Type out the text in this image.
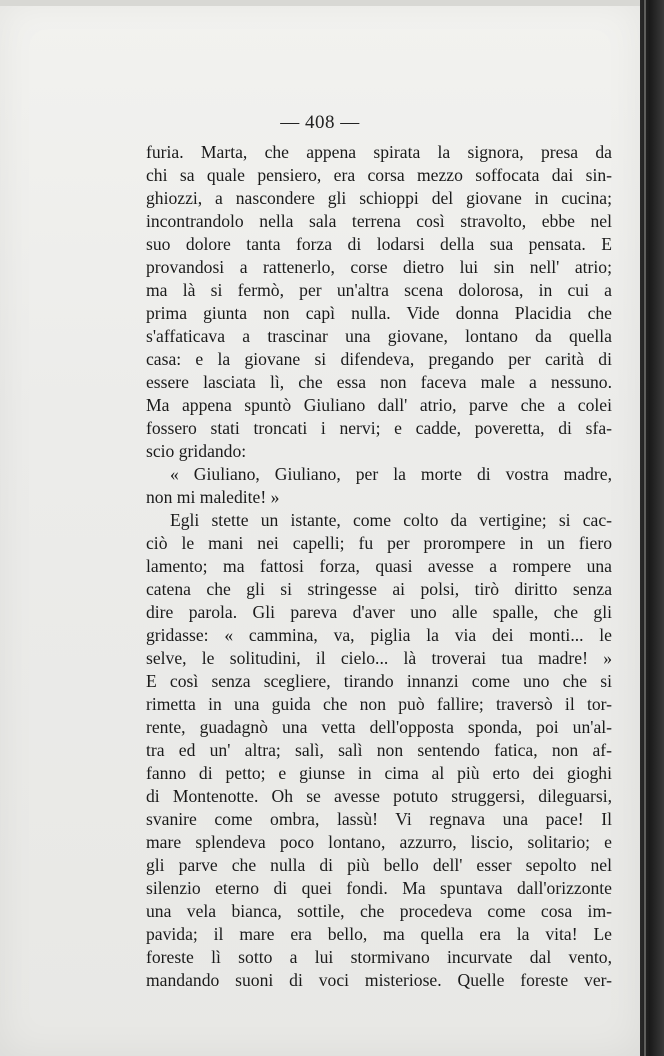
— 408 —
furia. Marta, che appena spirata la signora, presa da
chi sa quale pensiero, era corsa mezzo soffocata dai sin-
ghiozzi, a nascondere gli schioppi del giovane in cucina;
incontrandolo nella sala terrena così stravolto, ebbe nel
suo dolore tanta forza di lodarsi della sua pensata. E
provandosi a rattenerlo, corse dietro lui sin nell' atrio;
ma là si fermò, per un'altra scena dolorosa, in cui a
prima giunta non capì nulla. Vide donna Placidia che
s'affaticava a trascinar una giovane, lontano da quella
casa: e la giovane si difendeva, pregando per carità di
essere lasciata lì, che essa non faceva male a nessuno.
Ma appena spuntò Giuliano dall' atrio, parve che a colei
fossero stati troncati i nervi; e cadde, poveretta, di sfa-
scio gridando:
« Giuliano, Giuliano, per la morte di vostra madre,
non mi maledite! »
Egli stette un istante, come colto da vertigine; si cac-
ciò le mani nei capelli; fu per prorompere in un fiero
lamento; ma fattosi forza, quasi avesse a rompere una
catena che gli si stringesse ai polsi, tirò diritto senza
dire parola. Gli pareva d'aver uno alle spalle, che gli
gridasse: « cammina, va, piglia la via dei monti... le
selve, le solitudini, il cielo... là troverai tua madre! »
E così senza scegliere, tirando innanzi come uno che si
rimetta in una guida che non può fallire; traversò il tor-
rente, guadagnò una vetta dell'opposta sponda, poi un'al-
tra ed un' altra; salì, salì non sentendo fatica, non af-
fanno di petto; e giunse in cima al più erto dei gioghi
di Montenotte. Oh se avesse potuto struggersi, dileguarsi,
svanire come ombra, lassù! Vi regnava una pace! Il
mare splendeva poco lontano, azzurro, liscio, solitario; e
gli parve che nulla di più bello dell' esser sepolto nel
silenzio eterno di quei fondi. Ma spuntava dall'orizzonte
una vela bianca, sottile, che procedeva come cosa im-
pavida; il mare era bello, ma quella era la vita! Le
foreste lì sotto a lui stormivano incurvate dal vento,
mandando suoni di voci misteriose. Quelle foreste ver-
